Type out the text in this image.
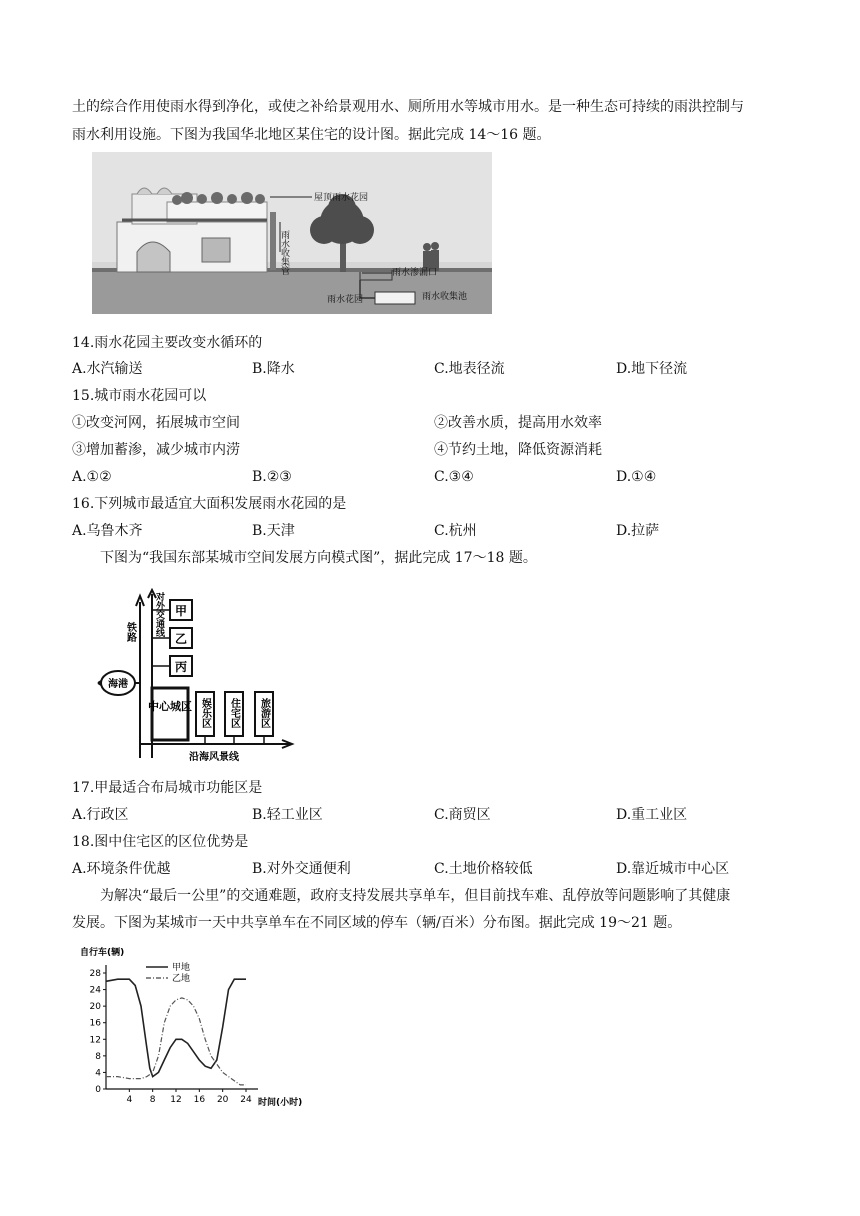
土的综合作用使雨水得到净化，或使之补给景观用水、厕所用水等城市用水。是一种生态可持续的雨洪控制与
雨水利用设施。下图为我国华北地区某住宅的设计图。据此完成 14～16 题。
屋顶雨水花园
雨水收集管	雨水渗漏口
雨水花园	雨水收集池
14.雨水花园主要改变水循环的
A.水汽输送	B.降水	C.地表径流	D.地下径流
15.城市雨水花园可以
①改变河网，拓展城市空间	②改善水质，提高用水效率
③增加蓄渗，减少城市内涝	④节约土地，降低资源消耗
A.①②	B.②③	C.③④	D.①④
16.下列城市最适宜大面积发展雨水花园的是
A.乌鲁木齐	B.天津	C.杭州	D.拉萨
下图为“我国东部某城市空间发展方向模式图”，据此完成 17～18 题。
甲
乙
丙
海港
中心城区 娱乐区 住宅区 旅游区
铁路 对外交通线
沿海风景线
17.甲最适合布局城市功能区是
A.行政区	B.轻工业区	C.商贸区	D.重工业区
18.图中住宅区的区位优势是
A.环境条件优越	B.对外交通便利	C.土地价格较低	D.靠近城市中心区
为解决“最后一公里”的交通难题，政府支持发展共享单车，但目前找车难、乱停放等问题影响了其健康
发展。下图为某城市一天中共享单车在不同区域的停车（辆/百米）分布图。据此完成 19～21 题。
自行车(辆)
0
4
8
12
16
20
24
28
4 8 12 16 20 24
甲地
乙地
时间(小时)
